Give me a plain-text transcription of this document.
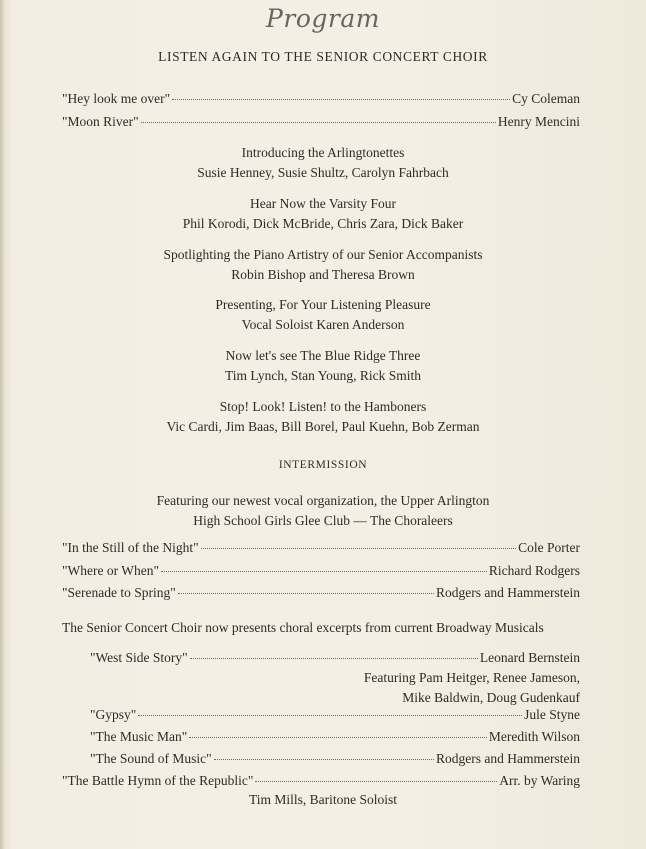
Program
LISTEN AGAIN TO THE SENIOR CONCERT CHOIR
"Hey look me over"	Cy Coleman
"Moon River"	Henry Mencini
Introducing the Arlingtonettes
Susie Henney, Susie Shultz, Carolyn Fahrbach
Hear Now the Varsity Four
Phil Korodi, Dick McBride, Chris Zara, Dick Baker
Spotlighting the Piano Artistry of our Senior Accompanists
Robin Bishop and Theresa Brown
Presenting, For Your Listening Pleasure
Vocal Soloist Karen Anderson
Now let's see The Blue Ridge Three
Tim Lynch, Stan Young, Rick Smith
Stop! Look! Listen! to the Hamboners
Vic Cardi, Jim Baas, Bill Borel, Paul Kuehn, Bob Zerman
INTERMISSION
Featuring our newest vocal organization, the Upper Arlington
High School Girls Glee Club — The Choraleers
"In the Still of the Night"	Cole Porter
"Where or When"	Richard Rodgers
"Serenade to Spring"	Rodgers and Hammerstein
The Senior Concert Choir now presents choral excerpts from current Broadway Musicals
"West Side Story"	Leonard Bernstein
Featuring Pam Heitger, Renee Jameson,
Mike Baldwin, Doug Gudenkauf
"Gypsy"	Jule Styne
"The Music Man"	Meredith Wilson
"The Sound of Music"	Rodgers and Hammerstein
"The Battle Hymn of the Republic"	Arr. by Waring
Tim Mills, Baritone Soloist
